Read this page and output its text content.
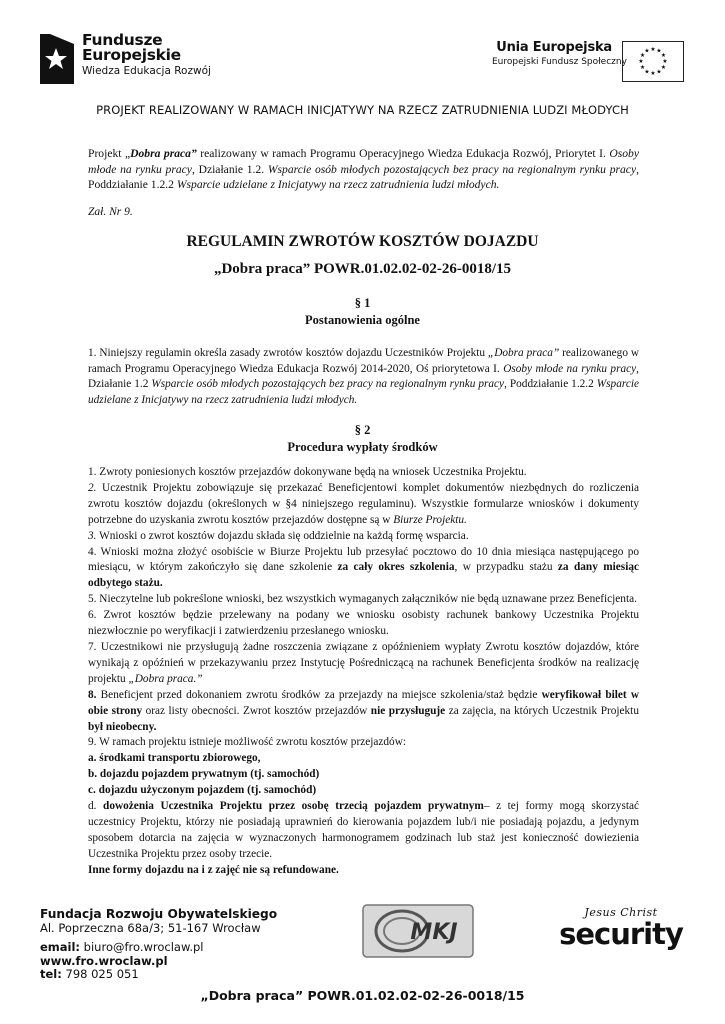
Fundusze
Europejskie
Wiedza Edukacja Rozwój
Unia Europejska
Europejski Fundusz Społeczny
★ ★
★
★
★
★
★
★
★
★
★
★
PROJEKT REALIZOWANY W RAMACH INICJATYWY NA RZECZ ZATRUDNIENIA LUDZI MŁODYCH
Projekt „Dobra praca” realizowany w ramach Programu Operacyjnego Wiedza Edukacja Rozwój, Priorytet I. Osoby młode na rynku pracy, Działanie 1.2. Wsparcie osób młodych pozostających bez pracy na regionalnym rynku pracy, Poddziałanie 1.2.2 Wsparcie udzielane z Inicjatywy na rzecz zatrudnienia ludzi młodych.
Zał. Nr 9.
REGULAMIN ZWROTÓW KOSZTÓW DOJAZDU
„Dobra praca” POWR.01.02.02-02-26-0018/15
§ 1
Postanowienia ogólne
1. Niniejszy regulamin określa zasady zwrotów kosztów dojazdu Uczestników Projektu „Dobra praca” realizowanego w ramach Programu Operacyjnego Wiedza Edukacja Rozwój 2014-2020, Oś priorytetowa I. Osoby młode na rynku pracy, Działanie 1.2 Wsparcie osób młodych pozostających bez pracy na regionalnym rynku pracy, Poddziałanie 1.2.2 Wsparcie udzielane z Inicjatywy na rzecz zatrudnienia ludzi młodych.
§ 2
Procedura wypłaty środków

1. Zwroty poniesionych kosztów przejazdów dokonywane będą na wniosek Uczestnika Projektu.

2. Uczestnik Projektu zobowiązuje się przekazać Beneficjentowi komplet dokumentów niezbędnych do rozliczenia zwrotu kosztów dojazdu (określonych w §4 niniejszego regulaminu). Wszystkie formularze wniosków i dokumenty potrzebne do uzyskania zwrotu kosztów przejazdów dostępne są w Biurze Projektu.

3. Wnioski o zwrot kosztów dojazdu składa się oddzielnie na każdą formę wsparcia.

4. Wnioski można złożyć osobiście w Biurze Projektu lub przesyłać pocztowo do 10 dnia miesiąca następującego po miesiącu, w którym zakończyło się dane szkolenie za cały okres szkolenia, w przypadku stażu za dany miesiąc odbytego stażu.

5. Nieczytelne lub pokreślone wnioski, bez wszystkich wymaganych załączników nie będą uznawane przez Beneficjenta.

6. Zwrot kosztów będzie przelewany na podany we wniosku osobisty rachunek bankowy Uczestnika Projektu niezwłocznie po weryfikacji i zatwierdzeniu przesłanego wniosku.

7. Uczestnikowi nie przysługują żadne roszczenia związane z opóźnieniem wypłaty Zwrotu kosztów dojazdów, które wynikają z opóźnień w przekazywaniu przez Instytucję Pośredniczącą na rachunek Beneficjenta środków na realizację projektu „Dobra praca.”

8. Beneficjent przed dokonaniem zwrotu środków za przejazdy na miejsce szkolenia/staż będzie weryfikował bilet w obie strony oraz listy obecności. Zwrot kosztów przejazdów nie przysługuje za zajęcia, na których Uczestnik Projektu był nieobecny.

9. W ramach projektu istnieje możliwość zwrotu kosztów przejazdów:

a. środkami transportu zbiorowego,

b. dojazdu pojazdem prywatnym (tj. samochód)

c. dojazdu użyczonym pojazdem (tj. samochód)

d. dowożenia Uczestnika Projektu przez osobę trzecią pojazdem prywatnym– z tej formy mogą skorzystać uczestnicy Projektu, którzy nie posiadają uprawnień do kierowania pojazdem lub/i nie posiadają pojazdu, a jedynym sposobem dotarcia na zajęcia w wyznaczonych harmonogramem godzinach lub staż jest konieczność dowiezienia Uczestnika Projektu przez osoby trzecie.

Inne formy dojazdu na i z zajęć nie są refundowane.

Fundacja Rozwoju Obywatelskiego
Al. Poprzeczna 68a/3; 51-167 Wrocław
email: biuro@fro.wroclaw.pl
www.fro.wroclaw.pl
tel: 798 025 051
MKJ
Jesus Christ
security
„Dobra praca” POWR.01.02.02-02-26-0018/15
